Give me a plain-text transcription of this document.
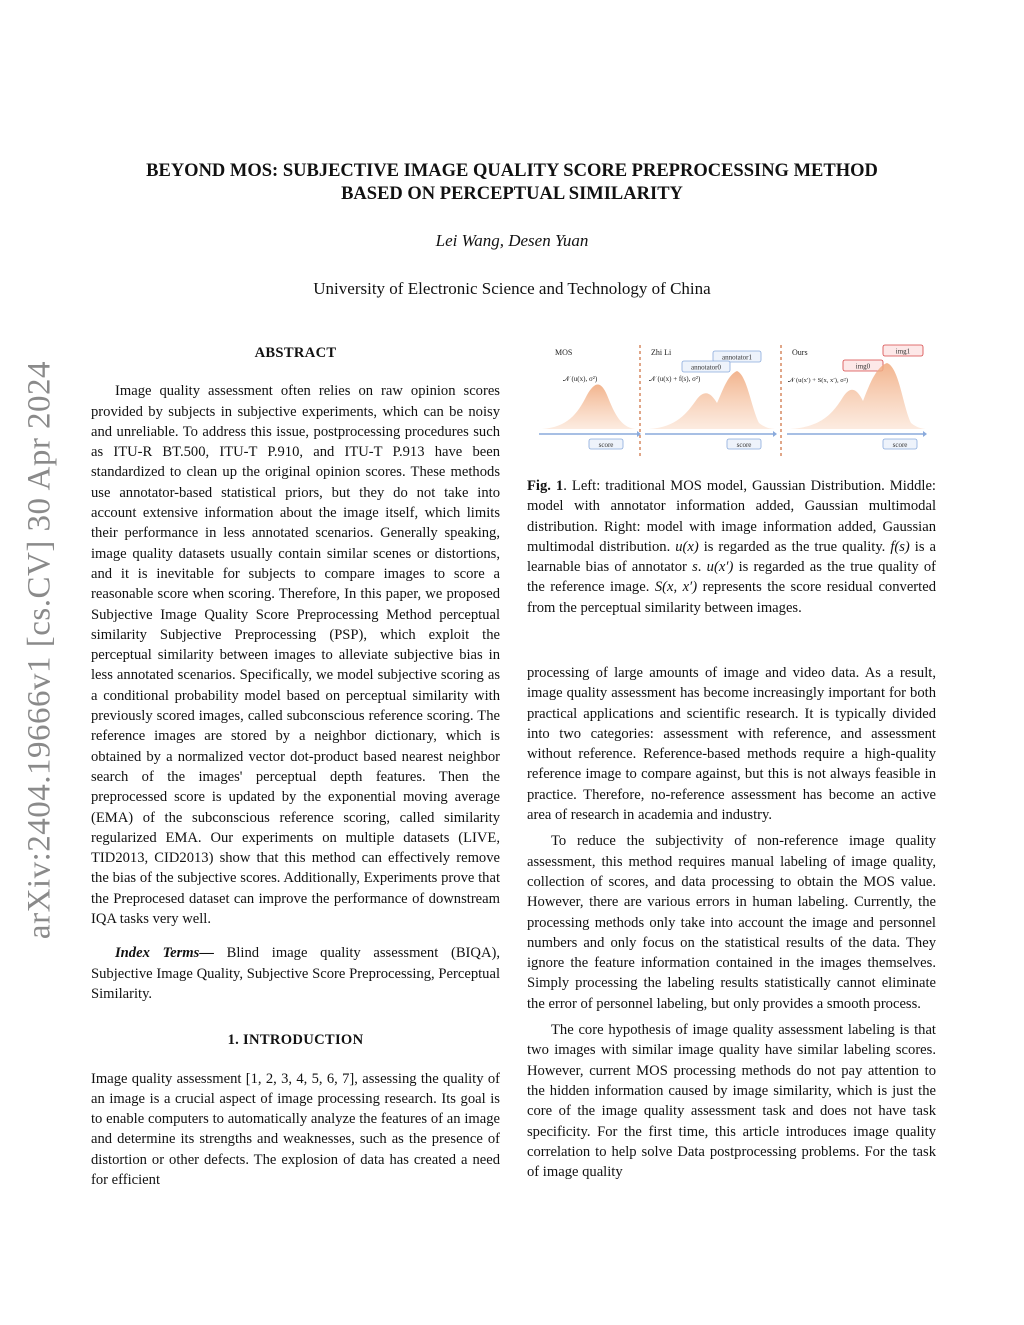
arXiv:2404.19666v1 [cs.CV] 30 Apr 2024
BEYOND MOS: SUBJECTIVE IMAGE QUALITY SCORE PREPROCESSING METHOD
BASED ON PERCEPTUAL SIMILARITY

Lei Wang, Desen Yuan

University of Electronic Science and Technology of China

ABSTRACT

Image quality assessment often relies on raw opinion scores provided by subjects in subjective experiments, which can be noisy and unreliable. To address this issue, postprocessing procedures such as ITU-R BT.500, ITU-T P.910, and ITU-T P.913 have been standardized to clean up the original opinion scores. These methods use annotator-based statistical priors, but they do not take into account extensive information about the image itself, which limits their performance in less annotated scenarios. Generally speaking, image quality datasets usually contain similar scenes or distortions, and it is inevitable for subjects to compare images to score a reasonable score when scoring. Therefore, In this paper, we proposed Subjective Image Quality Score Preprocessing Method perceptual similarity Subjective Preprocessing (PSP), which exploit the perceptual similarity between images to alleviate subjective bias in less annotated scenarios. Specifically, we model subjective scoring as a conditional probability model based on perceptual similarity with previously scored images, called subconscious reference scoring. The reference images are stored by a neighbor dictionary, which is obtained by a normalized vector dot-product based nearest neighbor search of the images' perceptual depth features. Then the preprocessed score is updated by the exponential moving average (EMA) of the subconscious reference scoring, called similarity regularized EMA. Our experiments on multiple datasets (LIVE, TID2013, CID2013) show that this method can effectively remove the bias of the subjective scores. Additionally, Experiments prove that the Preprocesed dataset can improve the performance of downstream IQA tasks very well.

Index Terms— Blind image quality assessment (BIQA), Subjective Image Quality, Subjective Score Preprocessing, Perceptual Similarity.

1. INTRODUCTION

Image quality assessment [1, 2, 3, 4, 5, 6, 7], assessing the quality of an image is a crucial aspect of image processing research. Its goal is to enable computers to automatically analyze the features of an image and determine its strengths and weaknesses, such as the presence of distortion or other defects. The explosion of data has created a need for efficient

MOS	Zhi Li	Ours
𝒩 (u(x), σ²)
score
annotator1
annotator0
𝒩 (u(x) + f(s), σ²)
score
img1
img0
𝒩 (u(x′) + S(x, x′), σ²)
score
Fig. 1. Left: traditional MOS model, Gaussian Distribution. Middle: model with annotator information added, Gaussian multimodal distribution. Right: model with image information added, Gaussian multimodal distribution. u(x) is regarded as the true quality. f(s) is a learnable bias of annotator s. u(x′) is regarded as the true quality of the reference image. S(x, x′) represents the score residual converted from the perceptual similarity between images.

processing of large amounts of image and video data. As a result, image quality assessment has become increasingly important for both practical applications and scientific research. It is typically divided into two categories: assessment with reference, and assessment without reference. Reference-based methods require a high-quality reference image to compare against, but this is not always feasible in practice. Therefore, no-reference assessment has become an active area of research in academia and industry.

To reduce the subjectivity of non-reference image quality assessment, this method requires manual labeling of image quality, collection of scores, and data processing to obtain the MOS value. However, there are various errors in human labeling. Currently, the processing methods only take into account the image and personnel numbers and only focus on the statistical results of the data. They ignore the feature information contained in the images themselves. Simply processing the labeling results statistically cannot eliminate the error of personnel labeling, but only provides a smooth process.

The core hypothesis of image quality assessment labeling is that two images with similar image quality have similar labeling scores. However, current MOS processing methods do not pay attention to the hidden information caused by image similarity, which is just the core of the image quality assessment task and does not have task specificity. For the first time, this article introduces image quality correlation to help solve Data postprocessing problems. For the task of image quality
